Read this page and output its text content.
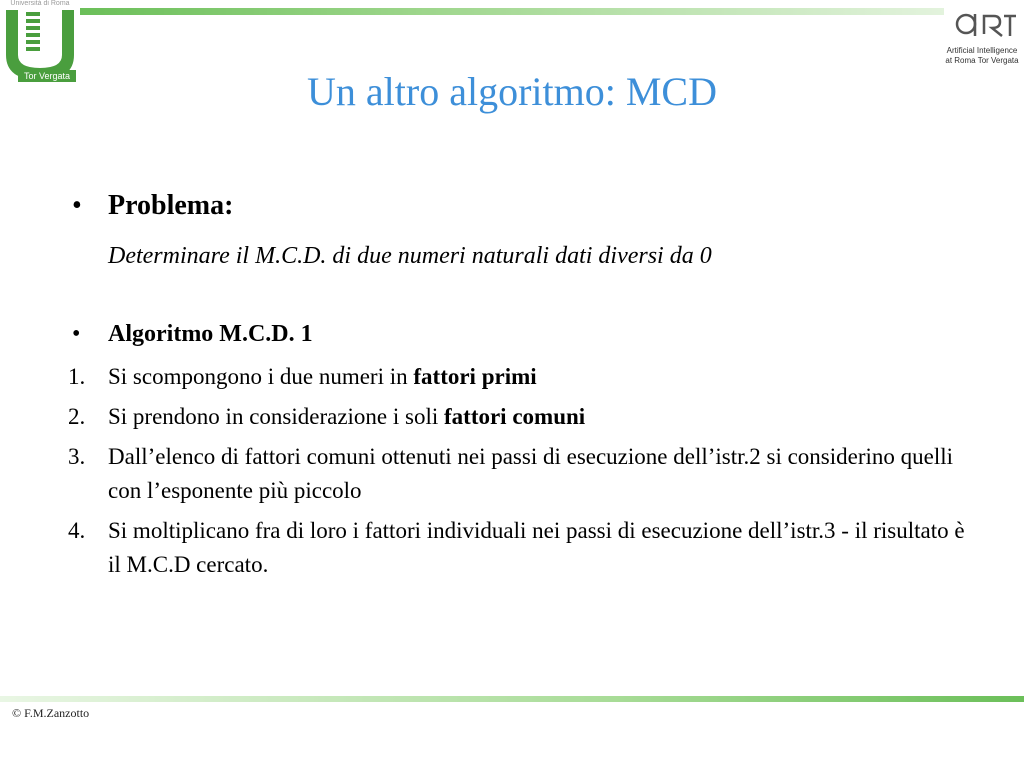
Università di Roma
Tor Vergata
Artificial Intelligence
at Roma Tor Vergata
Un altro algoritmo: MCD
• Problema:
Determinare il M.C.D. di due numeri naturali dati diversi da 0
•	Algoritmo M.C.D. 1
1. Si scompongono i due numeri in fattori primi
2. Si prendono in considerazione i soli fattori comuni
3. Dall’elenco di fattori comuni ottenuti nei passi di esecuzione dell’istr.2 si considerino quelli con l’esponente più piccolo
4. Si moltiplicano fra di loro i fattori individuali nei passi di esecuzione dell’istr.3 - il risultato è il M.C.D cercato.
© F.M.Zanzotto
